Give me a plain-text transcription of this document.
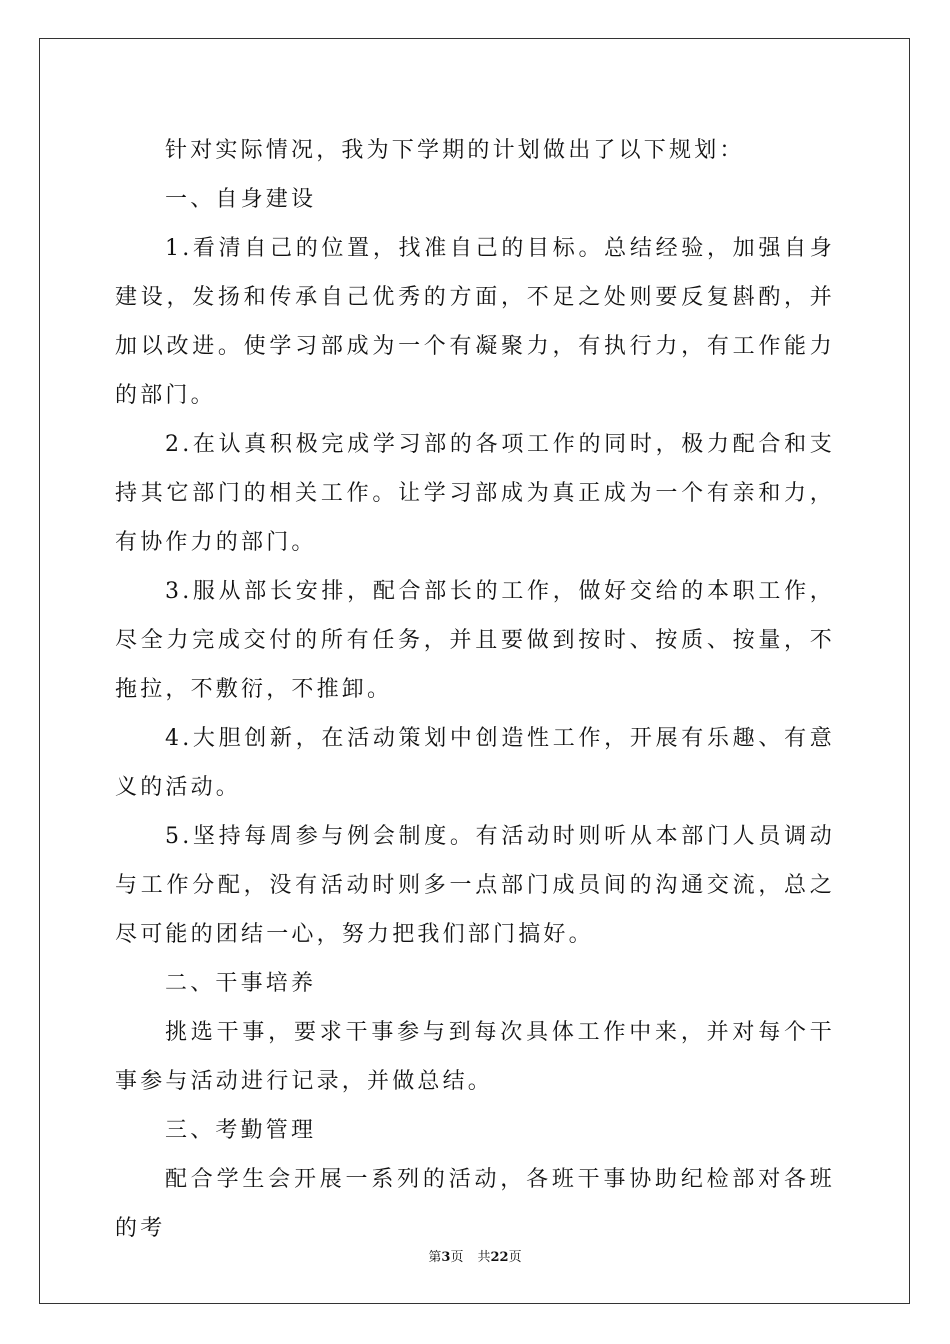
针对实际情况，我为下学期的计划做出了以下规划：

一、自身建设

1.看清自己的位置，找准自己的目标。总结经验，加强自身建设，发扬和传承自己优秀的方面，不足之处则要反复斟酌，并加以改进。使学习部成为一个有凝聚力，有执行力，有工作能力的部门。

2.在认真积极完成学习部的各项工作的同时，极力配合和支持其它部门的相关工作。让学习部成为真正成为一个有亲和力，有协作力的部门。

3.服从部长安排，配合部长的工作，做好交给的本职工作，尽全力完成交付的所有任务，并且要做到按时、按质、按量，不拖拉，不敷衍，不推卸。

4.大胆创新，在活动策划中创造性工作，开展有乐趣、有意义的活动。

5.坚持每周参与例会制度。有活动时则听从本部门人员调动与工作分配，没有活动时则多一点部门成员间的沟通交流，总之尽可能的团结一心，努力把我们部门搞好。

二、干事培养

挑选干事，要求干事参与到每次具体工作中来，并对每个干事参与活动进行记录，并做总结。

三、考勤管理

配合学生会开展一系列的活动，各班干事协助纪检部对各班的考

第3页 共22页
